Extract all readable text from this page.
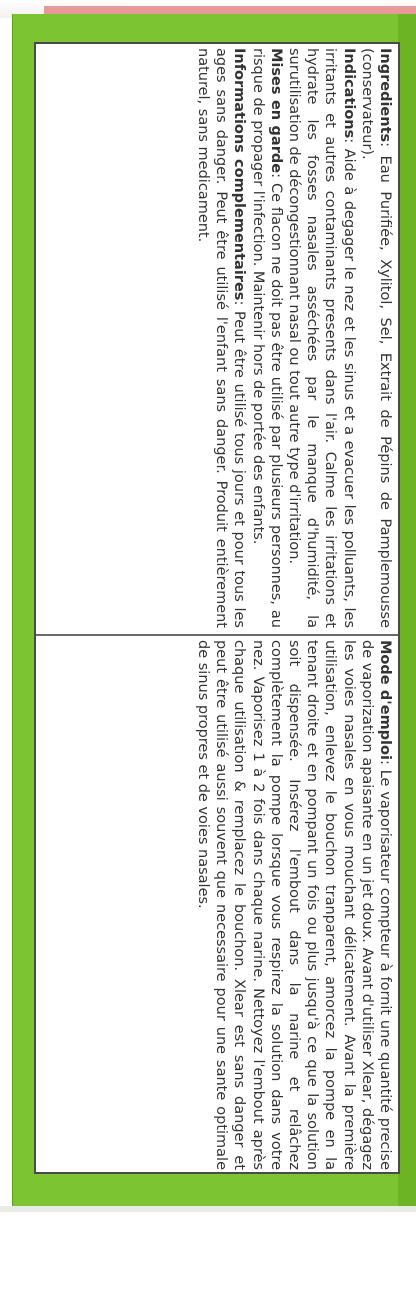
Ingredients: Eau Purifiée, Xylitol, Sel, Extrait de Pépins de Pamplemousse (conservateur).

Indications: Aide à degager le nez et les sinus et a evacuer les polluants, les irritants et autres contaminants presents dans l'air. Calme les irritations et hydrate les fosses nasales asséchées par le manque d'humidité, la surutilisation de décongestionnant nasal ou tout autre type d'irritation.

Mises en garde: Ce flacon ne doit pas être utilisé par plusieurs personnes, au risque de propager l'infection. Maintenir hors de portée des enfants.

Informations complementaires: Peut être utilisé tous jours et pour tous les ages sans danger. Peut être utilisé l'enfant sans danger. Produit entièrement naturel, sans medicament.

Mode d'emploi: Le vaporisateur compteur à fornit une quantité precise de vaporization apaisante en un jet doux. Avant d'utiliser Xlear, dégagez les voies nasales en vous mouchant délicatement. Avant la première utilisation, enlevez le bouchon tranparent, amorcez la pompe en la tenant droite et en pompant un fois ou plus jusqu'à ce que la solution soit dispensée. Insérez l'embout dans la narine et relâchez complètement la pompe lorsque vous respirez la solution dans votre nez. Vaporisez 1 à 2 fois dans chaque narine. Nettoyez l'embout après chaque utilisation & remplacez le bouchon. Xlear est sans danger et peut être utilisé aussi souvent que necessaire pour une sante optimale de sinus propres et de voies nasales.
